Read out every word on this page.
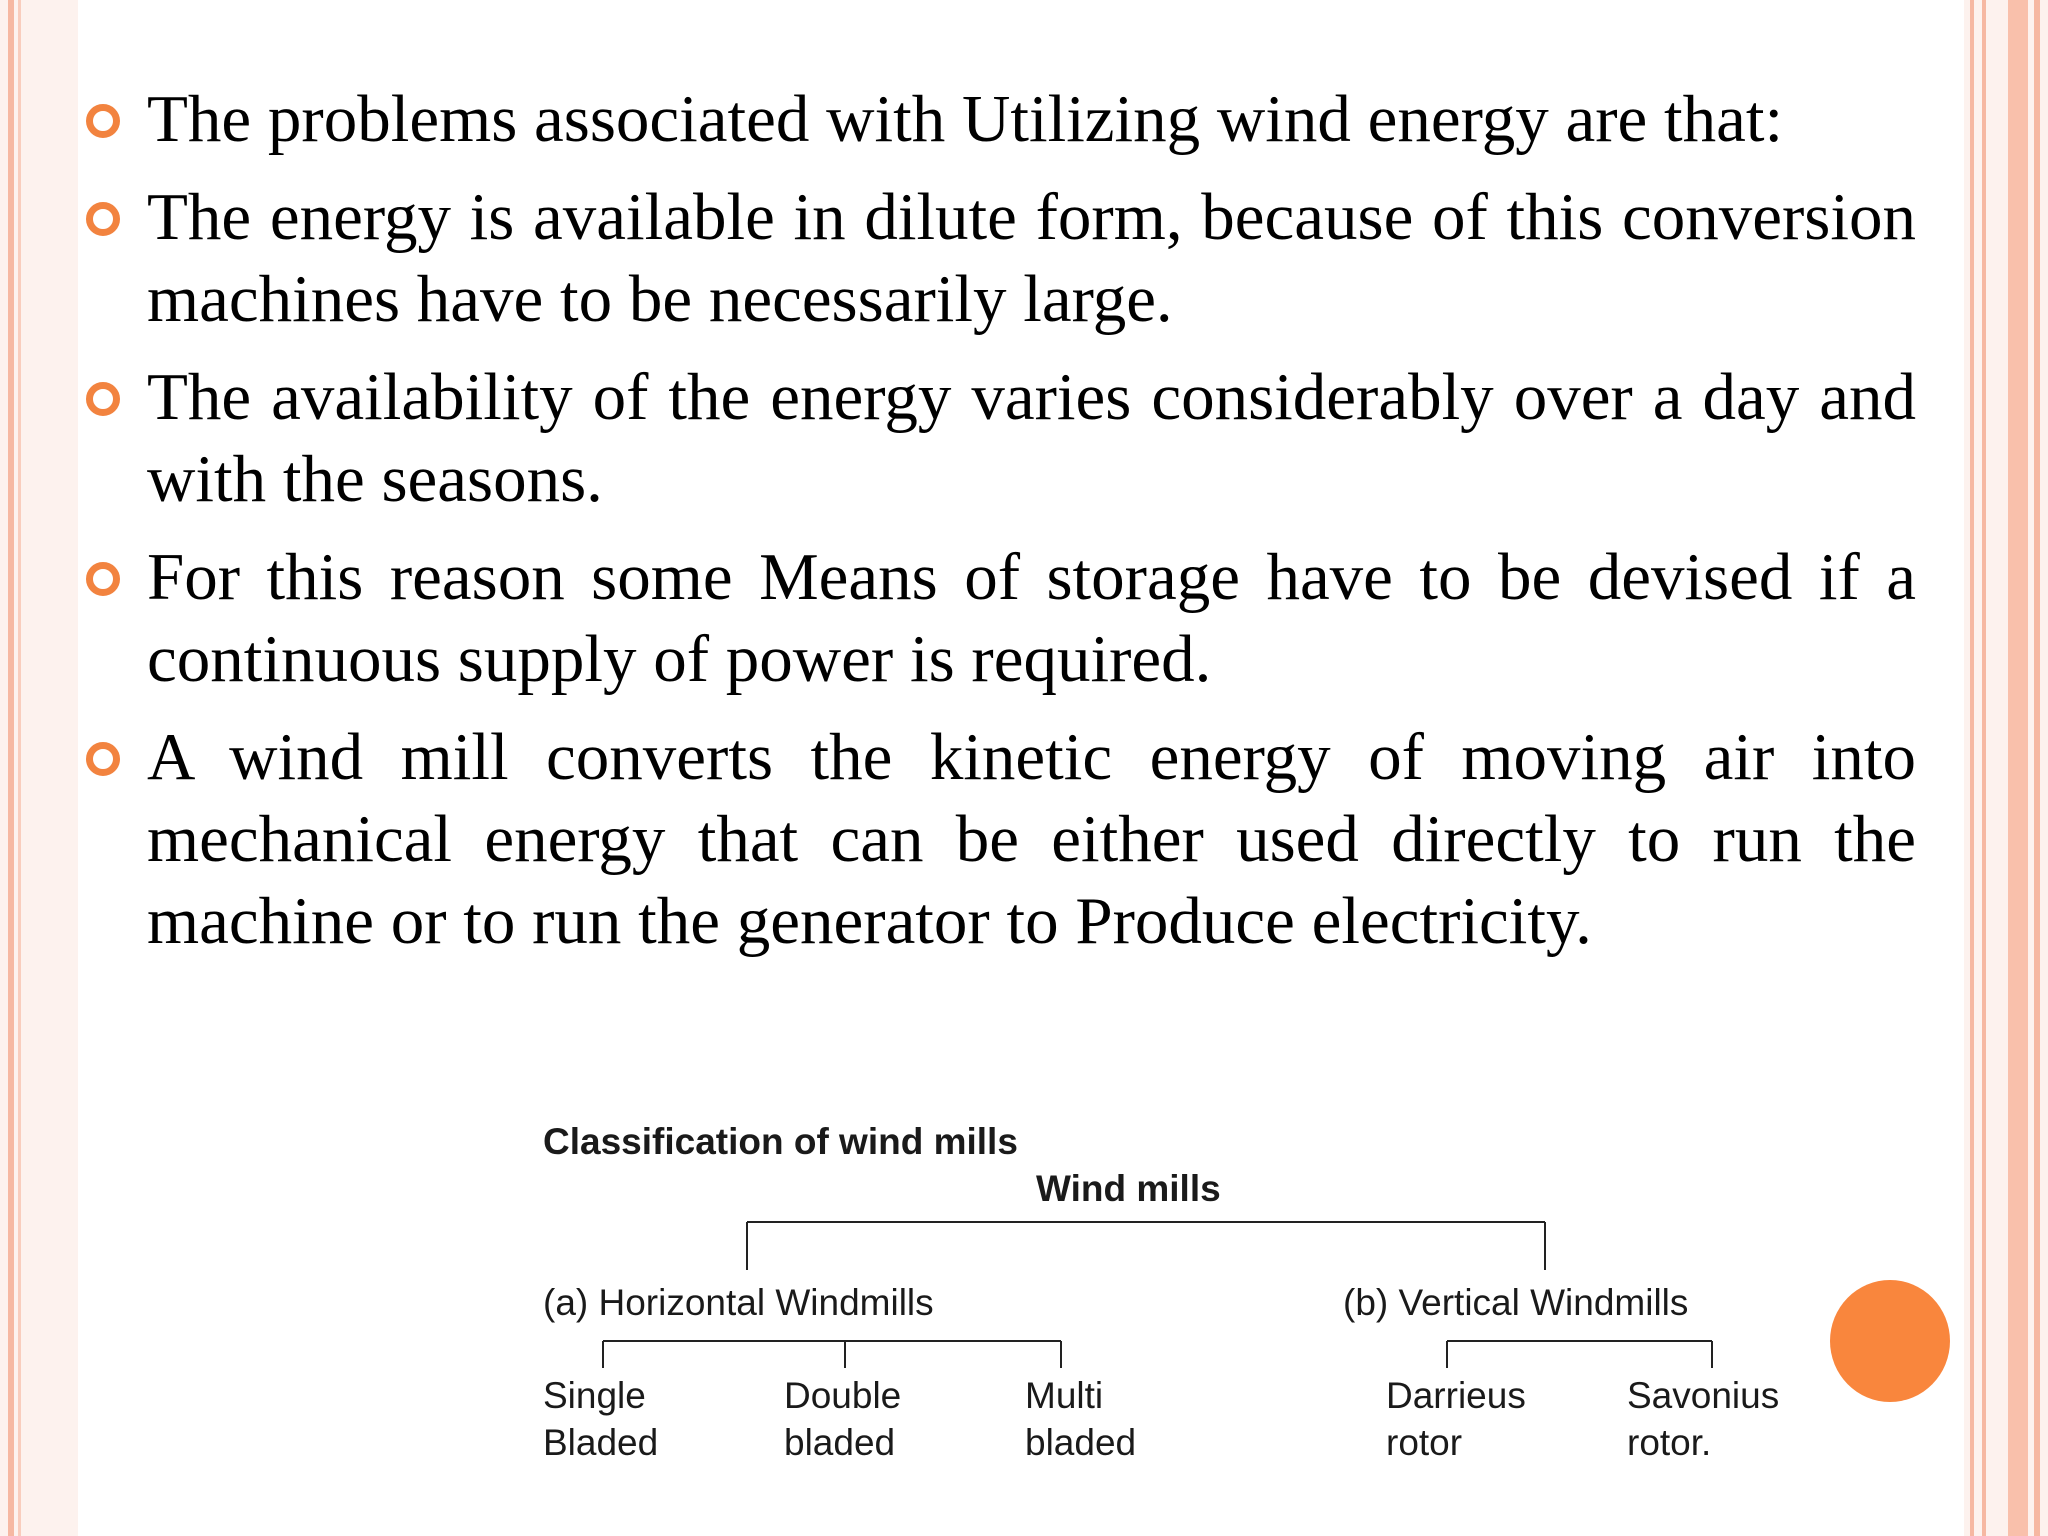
The problems associated with Utilizing wind energy are that:
The energy is available in dilute form, because of this conversion machines have to be necessarily large.
The availability of the energy varies considerably over a day and with the seasons.
For this reason some Means of storage have to be devised if a continuous supply of power is required.
A wind mill converts the kinetic energy of moving air into mechanical energy that can be either used directly to run the machine or to run the generator to Produce electricity.
Classification of wind mills
Wind mills
(a) Horizontal Windmills	(b) Vertical Windmills
Single
Bladed
Double
bladed
Multi
bladed
Darrieus
rotor
Savonius
rotor.
